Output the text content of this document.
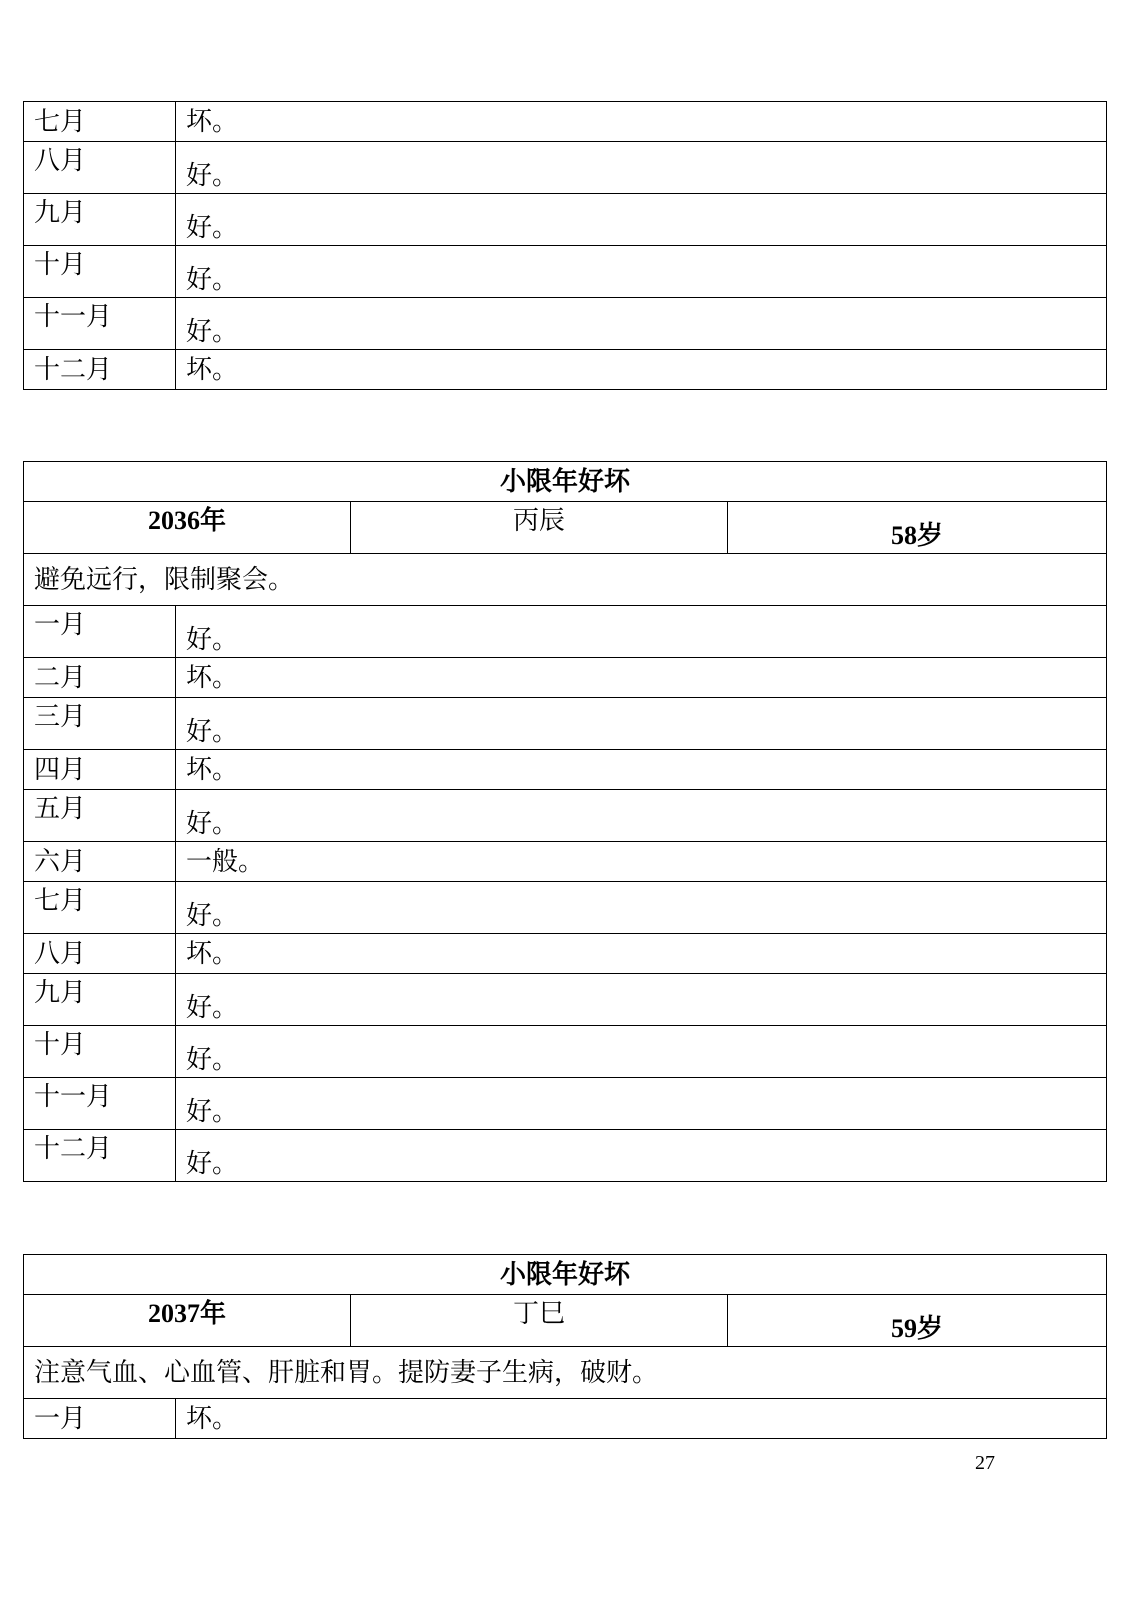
七月	坏。
八月	好。
九月	好。
十月	好。
十一月	好。
十二月	坏。
小限年好坏			
2036年		丙辰	58岁
避免远行，限制聚会。			
一月	好。		
二月	坏。		
三月	好。		
四月	坏。		
五月	好。		
六月	一般。		
七月	好。		
八月	坏。		
九月	好。		
十月	好。		
十一月	好。		
十二月	好。		
小限年好坏			
2037年		丁巳	59岁
注意气血、心血管、肝脏和胃。提防妻子生病，破财。			
一月	坏。		
27
